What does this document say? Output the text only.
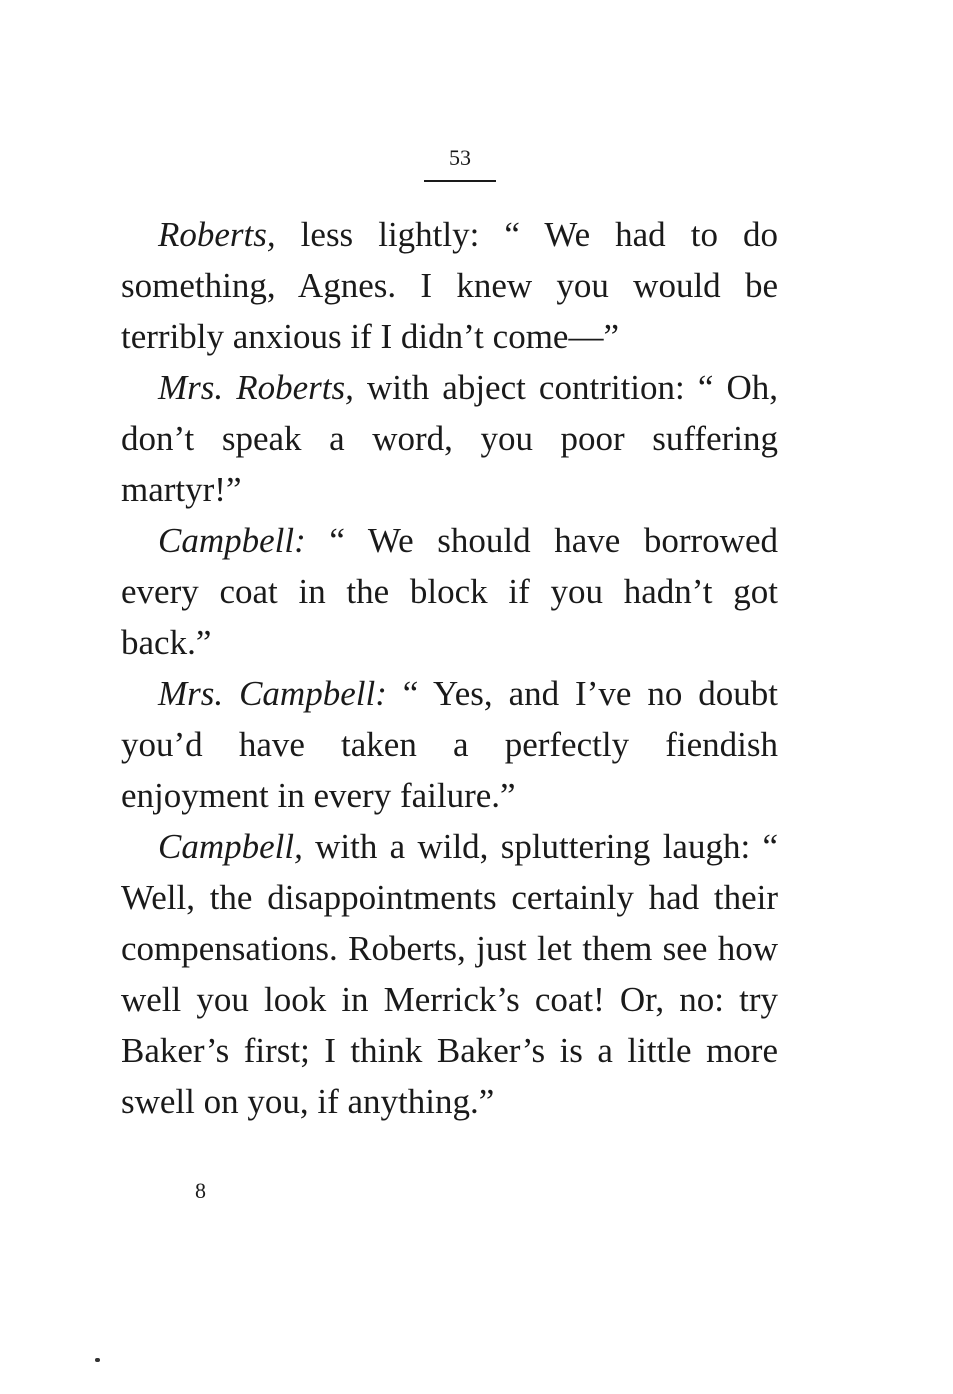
53

Roberts, less lightly: “ We had to do something, Agnes. I knew you would be terribly anxious if I didn’t come—”

Mrs. Roberts, with abject contrition: “ Oh, don’t speak a word, you poor suffering martyr!”

Campbell: “ We should have borrowed every coat in the block if you hadn’t got back.”

Mrs. Campbell: “ Yes, and I’ve no doubt you’d have taken a perfectly fiendish enjoyment in every failure.”

Campbell, with a wild, spluttering laugh: “ Well, the disappointments certainly had their compensations. Roberts, just let them see how well you look in Merrick’s coat! Or, no: try Baker’s first; I think Baker’s is a little more swell on you, if anything.”

8
